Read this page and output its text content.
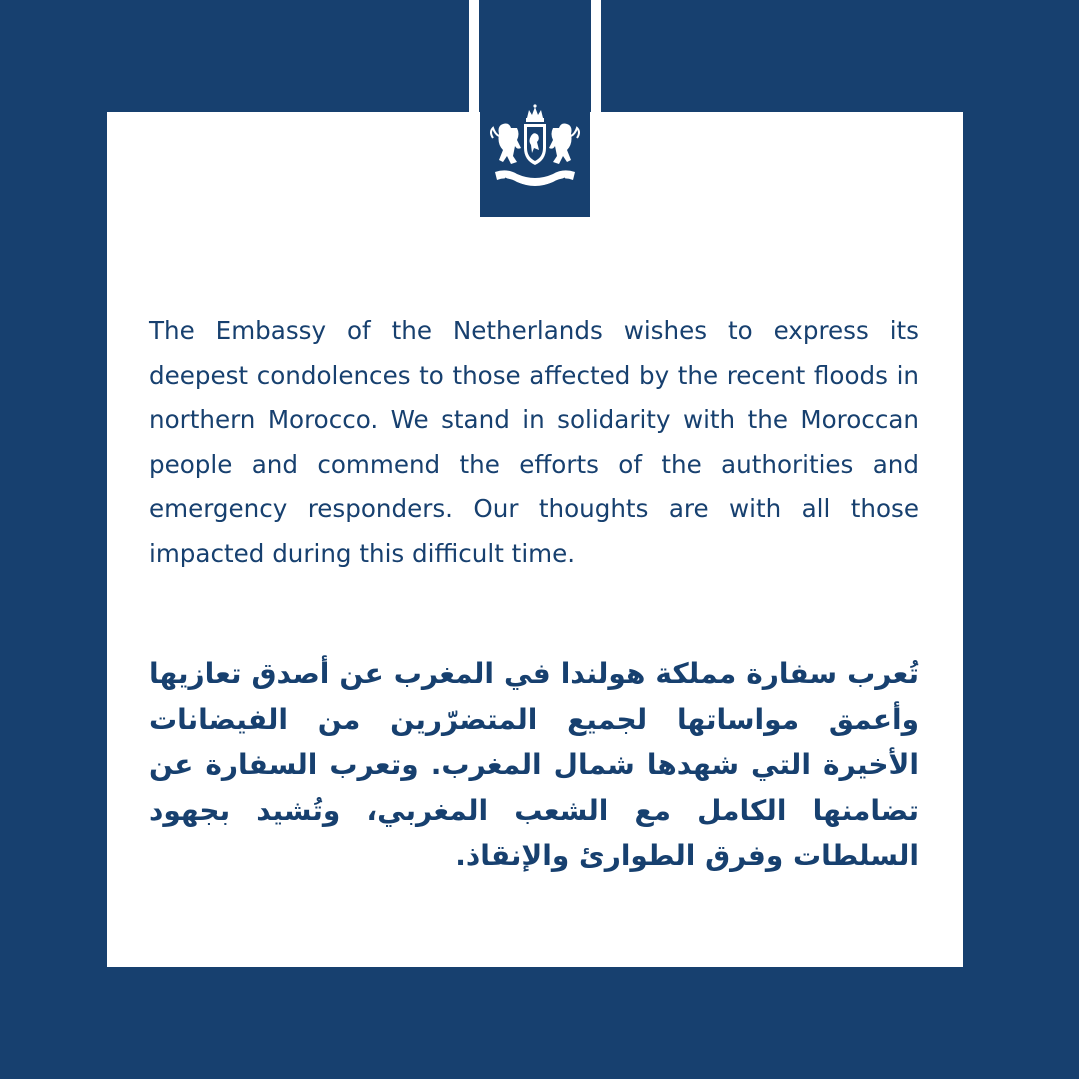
The Embassy of the Netherlands wishes to express its deepest condolences to those affected by the recent floods in northern Morocco. We stand in solidarity with the Moroccan people and commend the efforts of the authorities and emergency responders. Our thoughts are with all those impacted during this difficult time.

تُعرب سفارة مملكة هولندا في المغرب عن أصدق تعازيها وأعمق مواساتها لجميع المتضرّرين من الفيضانات الأخيرة التي شهدها شمال المغرب. وتعرب السفارة عن تضامنها الكامل مع الشعب المغربي، وتُشيد بجهود السلطات وفرق الطوارئ والإنقاذ.
